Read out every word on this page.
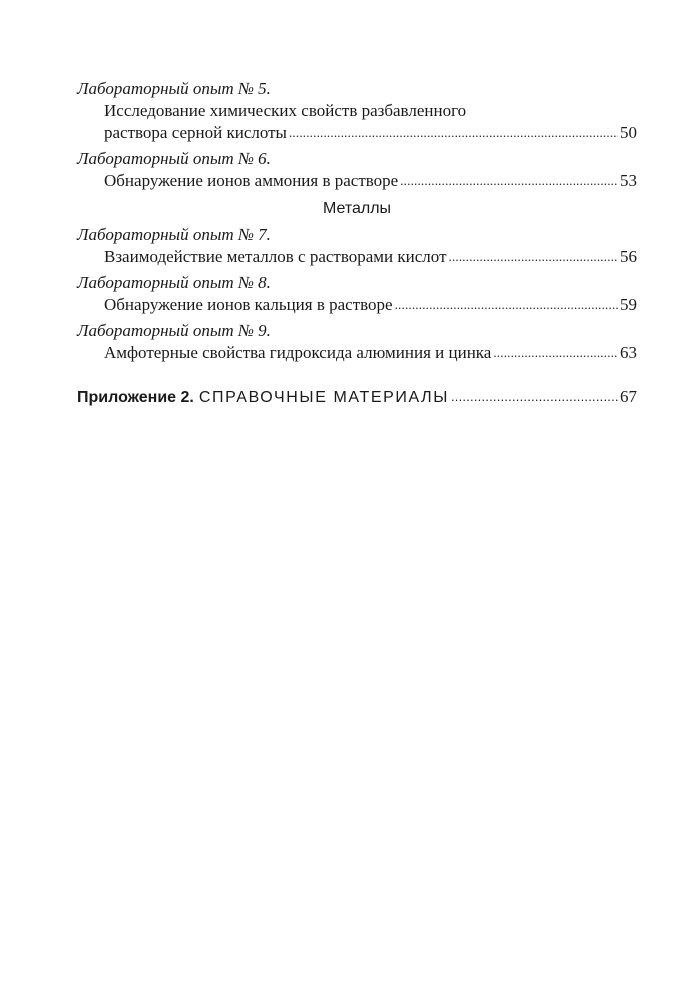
Лабораторный опыт № 5.
Исследование химических свойств разбавленного
раствора серной кислоты .....	50
Лабораторный опыт № 6.
Обнаружение ионов аммония в растворе .....	53
Металлы
Лабораторный опыт № 7.
Взаимодействие металлов с растворами кислот .....	56
Лабораторный опыт № 8.
Обнаружение ионов кальция в растворе .....	59
Лабораторный опыт № 9.
Амфотерные свойства гидроксида алюминия и цинка .....	63
Приложение 2. СПРАВОЧНЫЕ МАТЕРИАЛЫ .....	67
